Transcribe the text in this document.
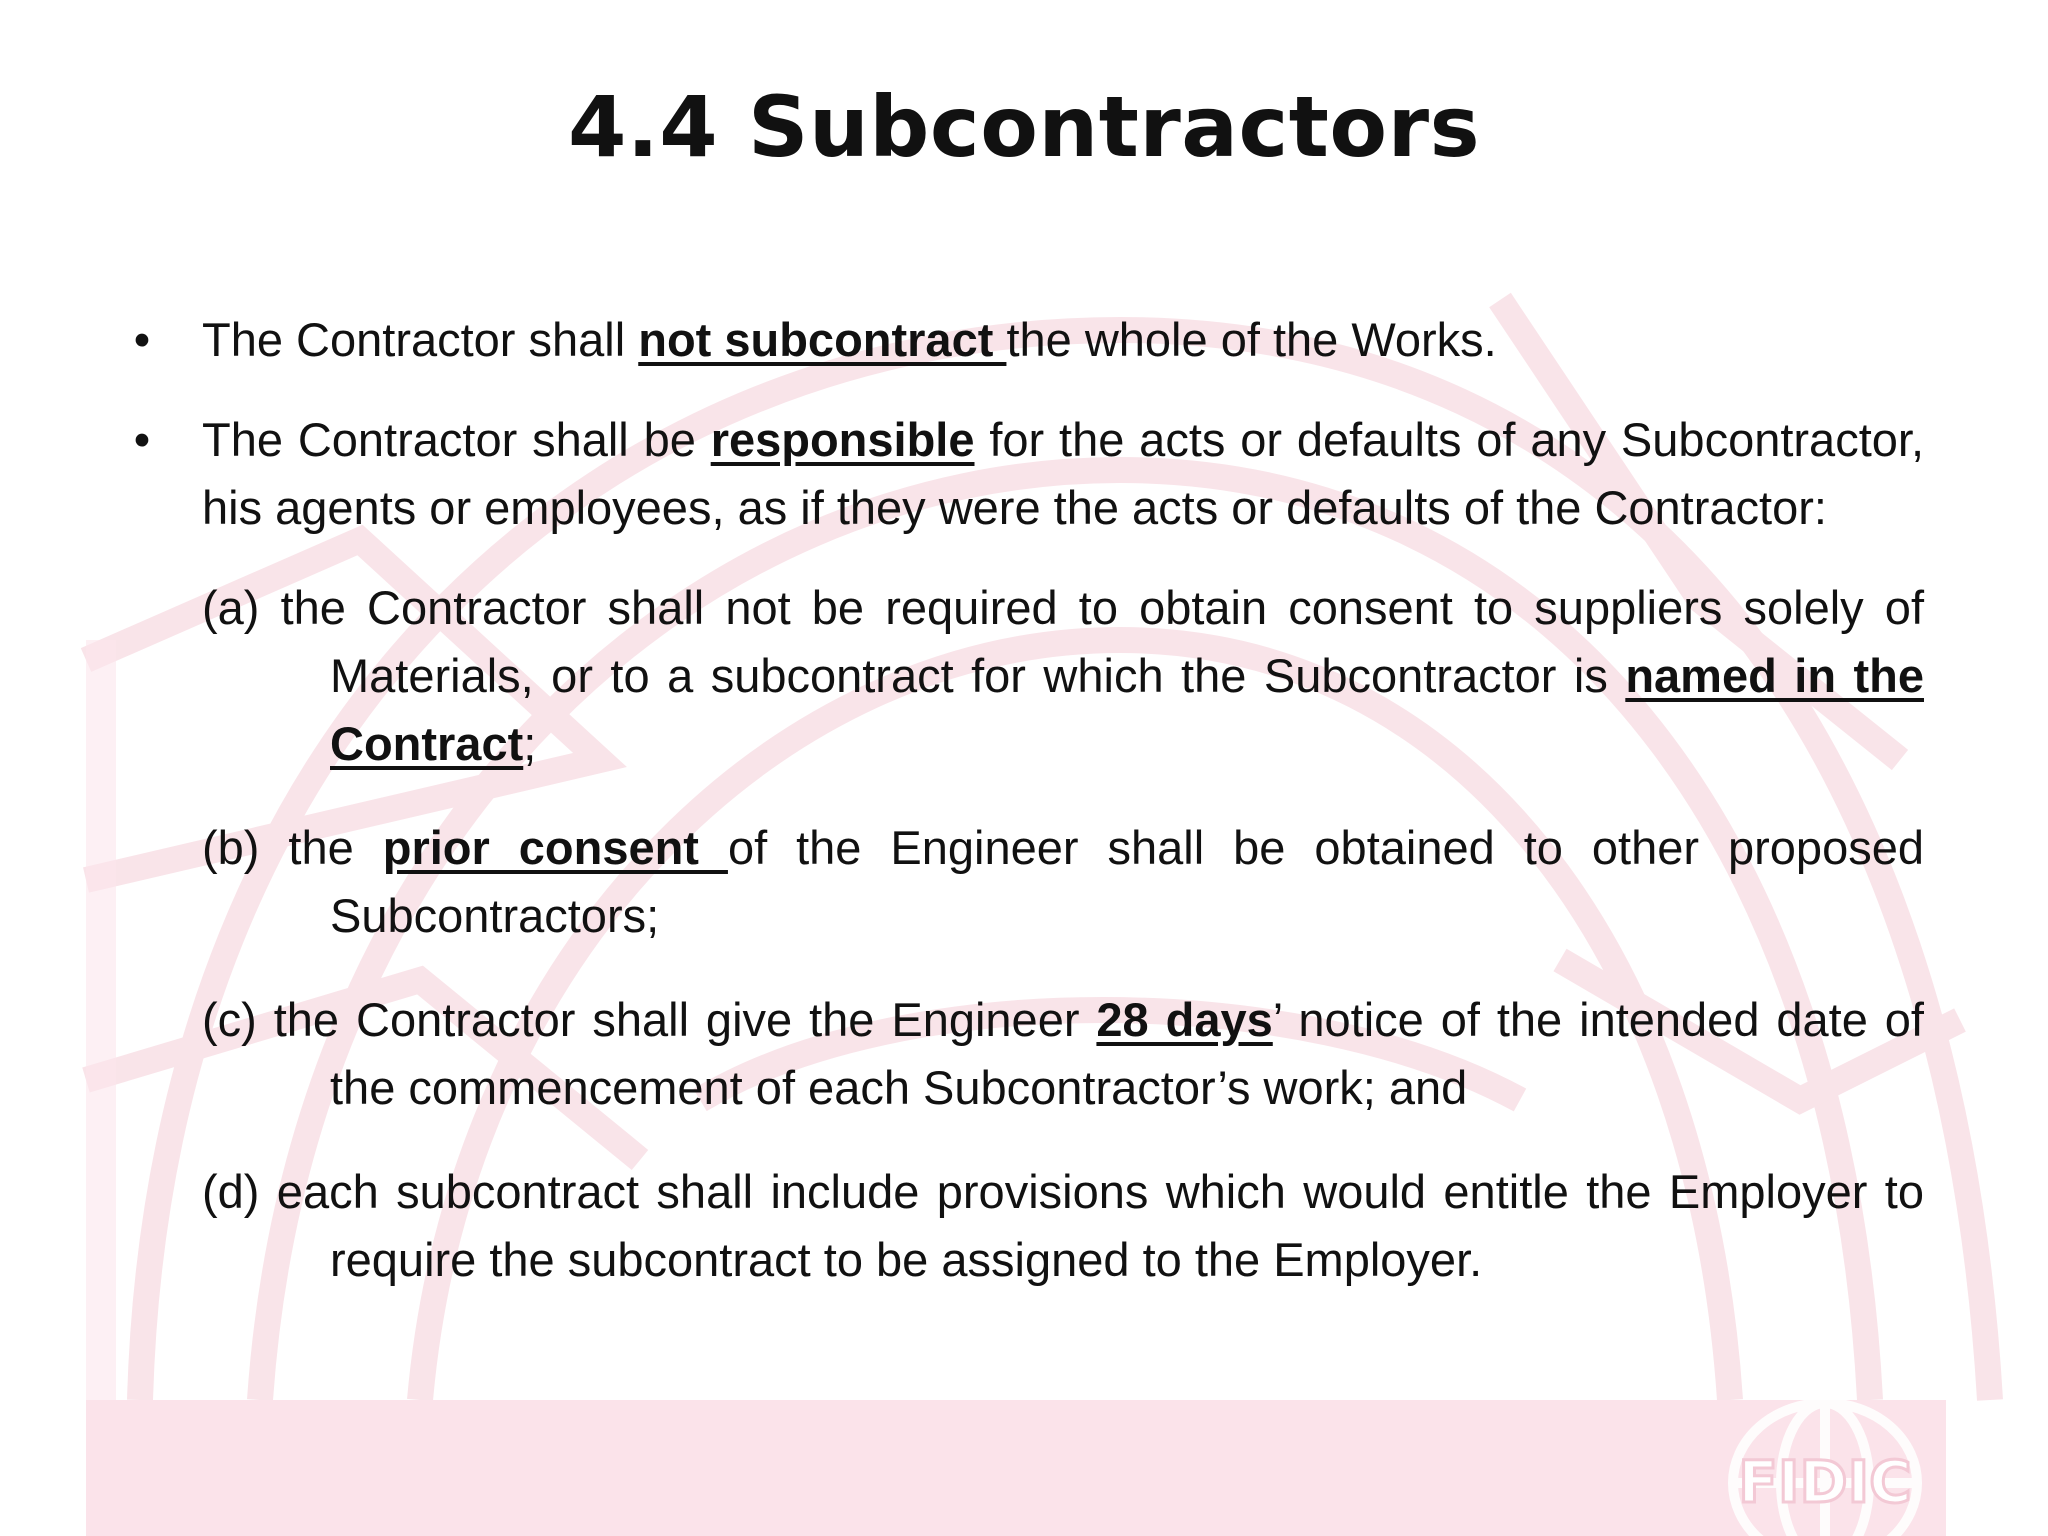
FIDIC
4.4 Subcontractors
• The Contractor shall not subcontract the whole of the Works.
• The Contractor shall be responsible for the acts or defaults of any Subcontractor, his agents or employees, as if they were the acts or defaults of the Contractor:
(a) the Contractor shall not be required to obtain consent to suppliers solely of Materials, or to a subcontract for which the Subcontractor is named in the Contract;
(b) the prior consent of the Engineer shall be obtained to other proposed Subcontractors;
(c) the Contractor shall give the Engineer 28 days’ notice of the intended date of the commencement of each Subcontractor’s work; and
(d) each subcontract shall include provisions which would entitle the Employer to require the subcontract to be assigned to the Employer.
